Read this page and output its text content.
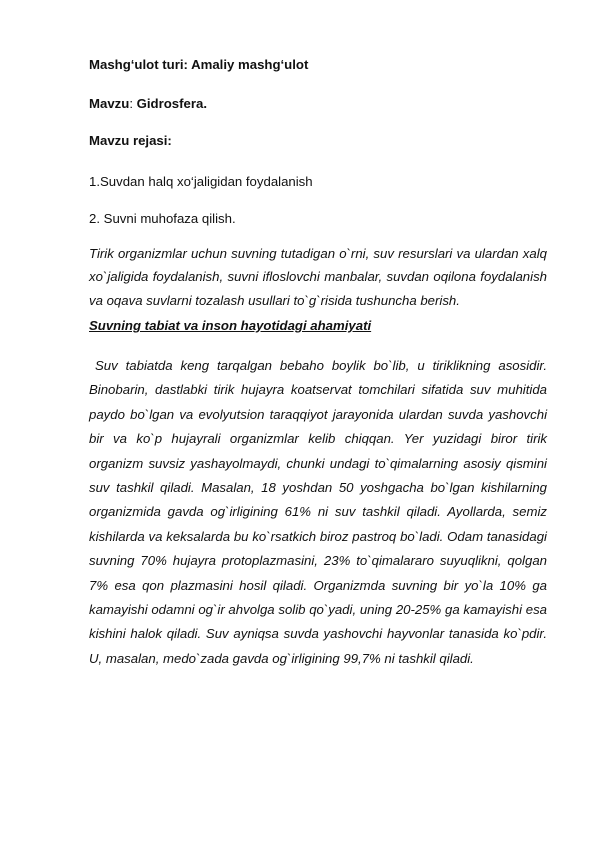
Mashg‘ulot turi: Amaliy mashg‘ulot
Mavzu: Gidrosfera.
Mavzu rejasi:
1.Suvdan halq xo‘jaligidan foydalanish
2. Suvni muhofaza qilish.
Tirik organizmlar uchun suvning tutadigan o`rni, suv resurslari va ulardan xalq xo`jaligida foydalanish, suvni ifloslovchi manbalar, suvdan oqilona foydalanish va oqava suvlarni tozalash usullari to`g`risida tushuncha berish.
Suvning tabiat va inson hayotidagi ahamiyati
Suv tabiatda keng tarqalgan bebaho boylik bo`lib, u tiriklikning asosidir. Binobarin, dastlabki tirik hujayra koatservat tomchilari sifatida suv muhitida paydo bo`lgan va evolyutsion taraqqiyot jarayonida ulardan suvda yashovchi bir va ko`p hujayrali organizmlar kelib chiqqan. Yer yuzidagi biror tirik organizm suvsiz yashayolmaydi, chunki undagi to`qimalarning asosiy qismini suv tashkil qiladi. Masalan, 18 yoshdan 50 yoshgacha bo`lgan kishilarning organizmida gavda og`irligining 61% ni suv tashkil qiladi. Ayollarda, semiz kishilarda va keksalarda bu ko`rsatkich biroz pastroq bo`ladi. Odam tanasidagi suvning 70% hujayra protoplazmasini, 23% to`qimalararo suyuqlikni, qolgan 7% esa qon plazmasini hosil qiladi. Organizmda suvning bir yo`la 10% ga kamayishi odamni og`ir ahvolga solib qo`yadi, uning 20-25% ga kamayishi esa kishini halok qiladi. Suv ayniqsa suvda yashovchi hayvonlar tanasida ko`pdir. U, masalan, medo`zada gavda og`irligining 99,7% ni tashkil qiladi.
